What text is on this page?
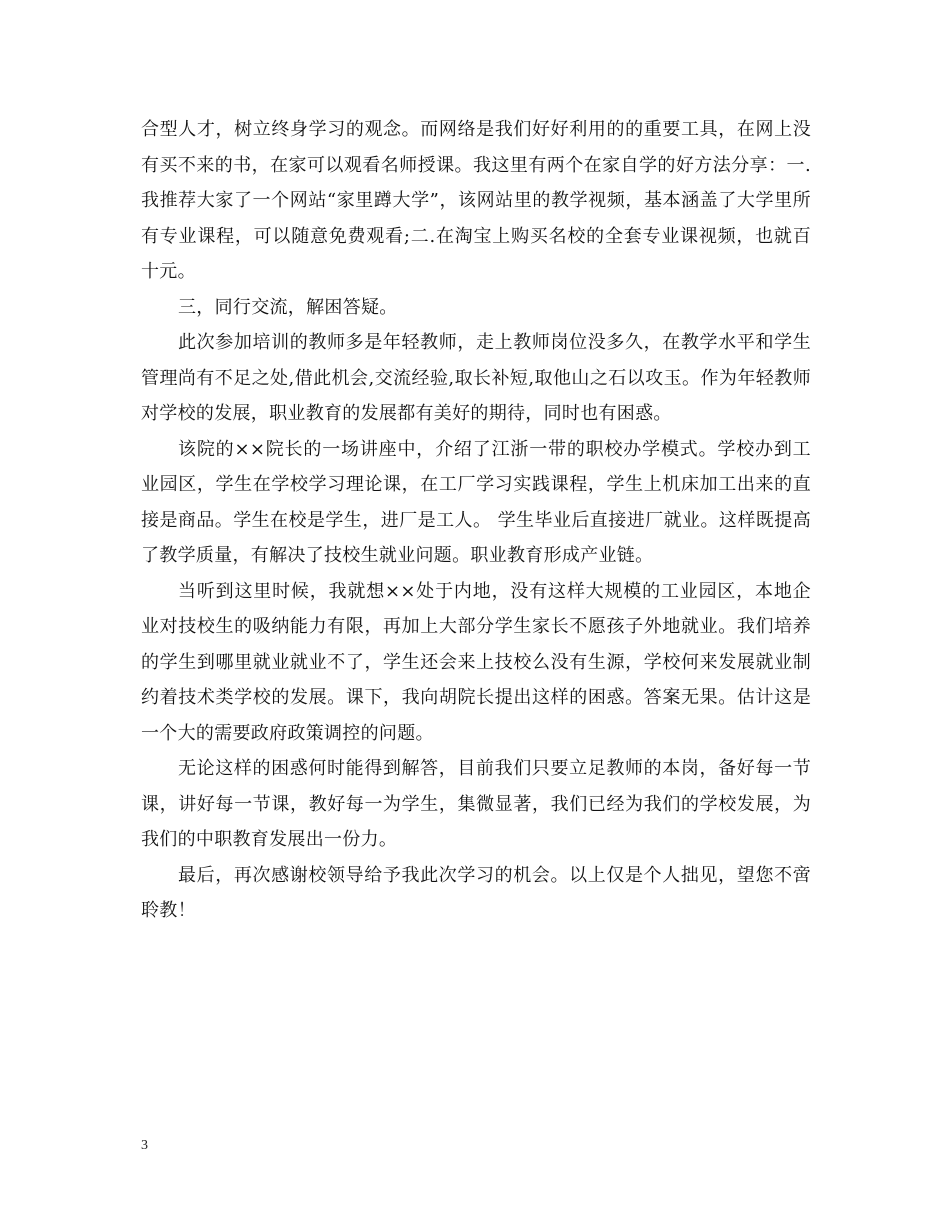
合型人才，树立终身学习的观念。而网络是我们好好利用的的重要工具，在网上没有买不来的书，在家可以观看名师授课。我这里有两个在家自学的好方法分享：一.我推荐大家了一个网站“家里蹲大学”，该网站里的教学视频，基本涵盖了大学里所有专业课程，可以随意免费观看;二.在淘宝上购买名校的全套专业课视频，也就百十元。

三，同行交流，解困答疑。

此次参加培训的教师多是年轻教师，走上教师岗位没多久，在教学水平和学生管理尚有不足之处,借此机会,交流经验,取长补短,取他山之石以攻玉。作为年轻教师对学校的发展，职业教育的发展都有美好的期待，同时也有困惑。

该院的××院长的一场讲座中，介绍了江浙一带的职校办学模式。学校办到工业园区，学生在学校学习理论课，在工厂学习实践课程，学生上机床加工出来的直接是商品。学生在校是学生，进厂是工人。 学生毕业后直接进厂就业。这样既提高了教学质量，有解决了技校生就业问题。职业教育形成产业链。

当听到这里时候，我就想××处于内地，没有这样大规模的工业园区，本地企业对技校生的吸纳能力有限，再加上大部分学生家长不愿孩子外地就业。我们培养的学生到哪里就业就业不了，学生还会来上技校么没有生源，学校何来发展就业制约着技术类学校的发展。课下，我向胡院长提出这样的困惑。答案无果。估计这是一个大的需要政府政策调控的问题。

无论这样的困惑何时能得到解答，目前我们只要立足教师的本岗，备好每一节课，讲好每一节课，教好每一为学生，集微显著，我们已经为我们的学校发展，为我们的中职教育发展出一份力。

最后，再次感谢校领导给予我此次学习的机会。以上仅是个人拙见，望您不啻聆教！

3
